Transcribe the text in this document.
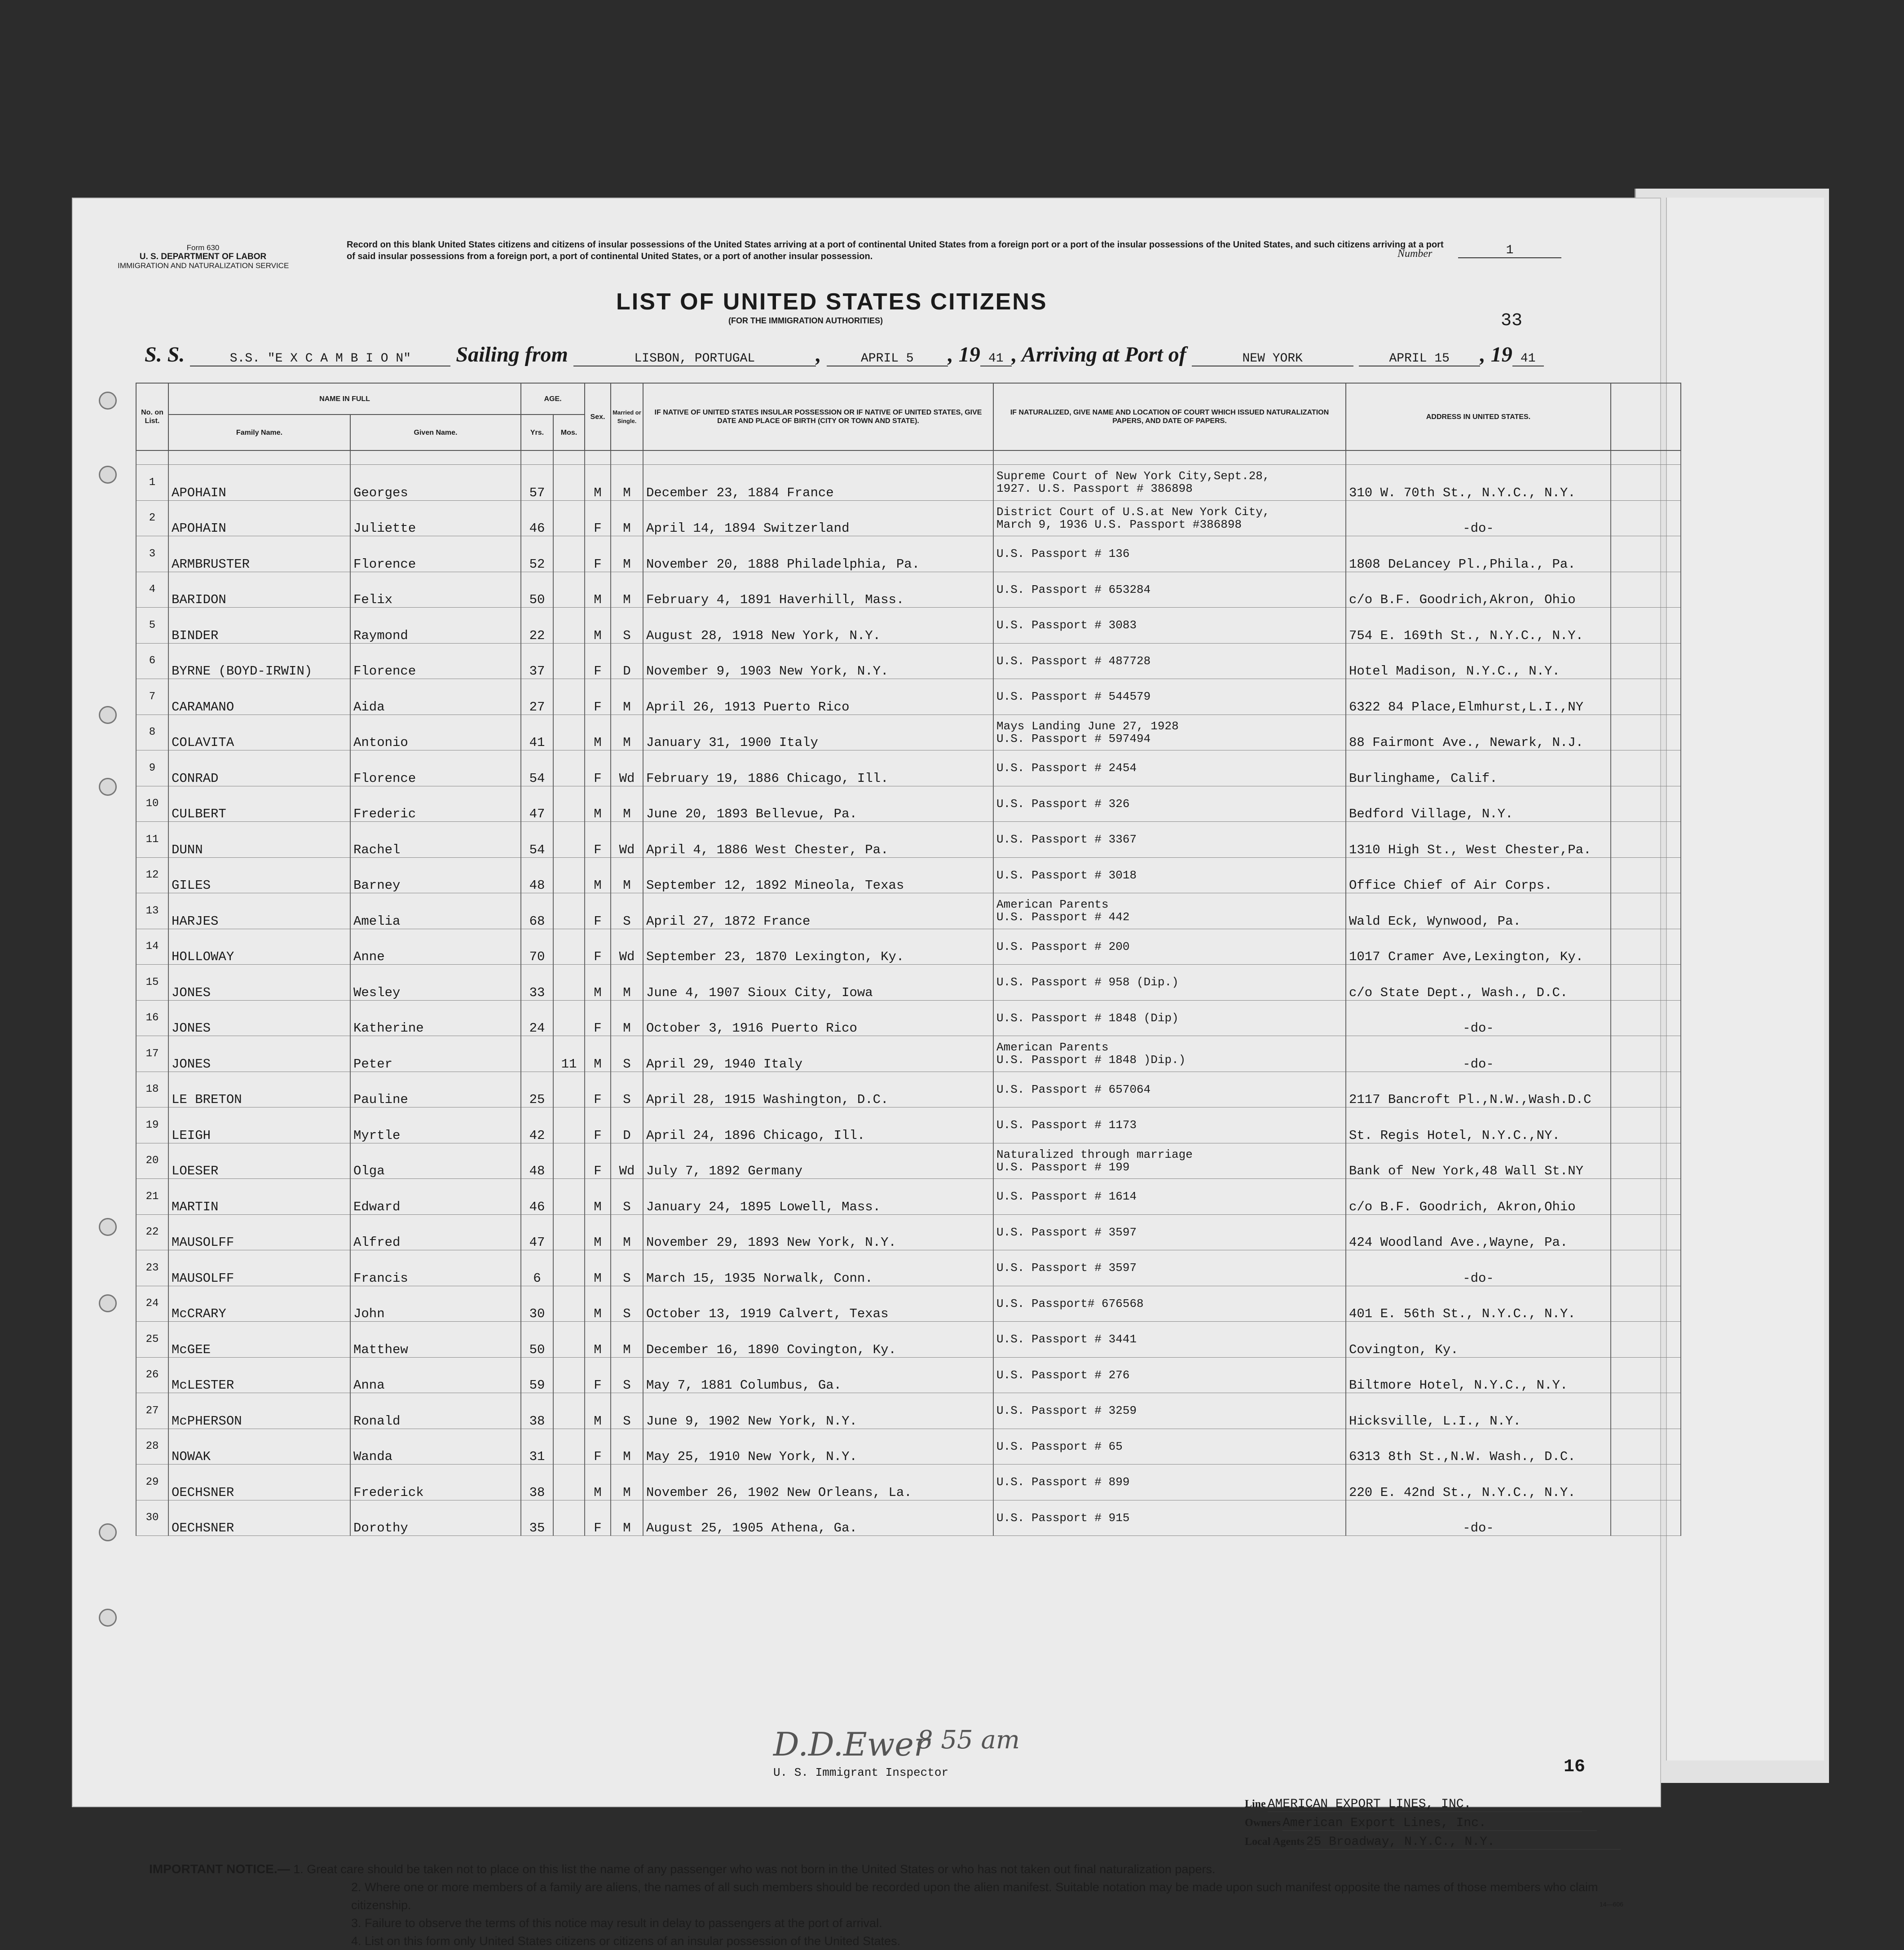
Form 630
U. S. DEPARTMENT OF LABOR
IMMIGRATION AND NATURALIZATION SERVICE
Record on this blank United States citizens and citizens of insular possessions of the United States arriving at a port of continental United States from a foreign port or a port of the insular possessions of the United States, and such citizens arriving at a port of said insular possessions from a foreign port, a port of continental United States, or a port of another insular possession.	Number	1
LIST OF UNITED STATES CITIZENS
(FOR THE IMMIGRATION AUTHORITIES)	33
S. S.	S.S. "E X C A M B I O N" Sailing from	LISBON, PORTUGAL	,	APRIL 5 , 19 41 , Arriving at Port of	NEW YORK	APRIL 15 , 19 41
No. on List.	NAME IN FULL		AGE.		Sex.	Married or Single.	IF NATIVE OF UNITED STATES INSULAR POSSESSION OR IF NATIVE OF UNITED STATES, GIVE DATE AND PLACE OF BIRTH (CITY OR TOWN AND STATE).	IF NATURALIZED, GIVE NAME AND LOCATION OF COURT WHICH ISSUED NATURALIZATION PAPERS, AND DATE OF PAPERS.	ADDRESS IN UNITED STATES.	
	Family Name.	Given Name.	Yrs.	Mos.						

1	APOHAIN	Georges	57		M	M	December 23, 1884 France	Supreme Court of New York City,Sept.28,
1927. U.S. Passport # 386898	310 W. 70th St., N.Y.C., N.Y.	
2	APOHAIN	Juliette	46		F	M	April 14, 1894 Switzerland	District Court of U.S.at New York City,
March 9, 1936 U.S. Passport #386898	-do-	
3	ARMBRUSTER	Florence	52		F	M	November 20, 1888 Philadelphia, Pa.	U.S. Passport # 136	1808 DeLancey Pl.,Phila., Pa.	
4	BARIDON	Felix	50		M	M	February 4, 1891 Haverhill, Mass.	U.S. Passport # 653284	c/o B.F. Goodrich,Akron, Ohio	
5	BINDER	Raymond	22		M	S	August 28, 1918 New York, N.Y.	U.S. Passport # 3083	754 E. 169th St., N.Y.C., N.Y.	
6	BYRNE (BOYD-IRWIN)	Florence	37		F	D	November 9, 1903 New York, N.Y.	U.S. Passport # 487728	Hotel Madison, N.Y.C., N.Y.	
7	CARAMANO	Aida	27		F	M	April 26, 1913 Puerto Rico	U.S. Passport # 544579	6322 84 Place,Elmhurst,L.I.,NY	
8	COLAVITA	Antonio	41		M	M	January 31, 1900 Italy	Mays Landing June 27, 1928
U.S. Passport # 597494	88 Fairmont Ave., Newark, N.J.	
9	CONRAD	Florence	54		F	Wd	February 19, 1886 Chicago, Ill.	U.S. Passport # 2454	Burlinghame, Calif.	
10	CULBERT	Frederic	47		M	M	June 20, 1893 Bellevue, Pa.	U.S. Passport # 326	Bedford Village, N.Y.	
11	DUNN	Rachel	54		F	Wd	April 4, 1886 West Chester, Pa.	U.S. Passport # 3367	1310 High St., West Chester,Pa.	
12	GILES	Barney	48		M	M	September 12, 1892 Mineola, Texas	U.S. Passport # 3018	Office Chief of Air Corps.	
13	HARJES	Amelia	68		F	S	April 27, 1872 France	American Parents
U.S. Passport # 442	Wald Eck, Wynwood, Pa.	
14	HOLLOWAY	Anne	70		F	Wd	September 23, 1870 Lexington, Ky.	U.S. Passport # 200	1017 Cramer Ave,Lexington, Ky.	
15	JONES	Wesley	33		M	M	June 4, 1907 Sioux City, Iowa	U.S. Passport # 958 (Dip.)	c/o State Dept., Wash., D.C.	
16	JONES	Katherine	24		F	M	October 3, 1916 Puerto Rico	U.S. Passport # 1848 (Dip)	-do-	
17	JONES	Peter		11	M	S	April 29, 1940 Italy	American Parents
U.S. Passport # 1848 )Dip.)	-do-	
18	LE BRETON	Pauline	25		F	S	April 28, 1915 Washington, D.C.	U.S. Passport # 657064	2117 Bancroft Pl.,N.W.,Wash.D.C	
19	LEIGH	Myrtle	42		F	D	April 24, 1896 Chicago, Ill.	U.S. Passport # 1173	St. Regis Hotel, N.Y.C.,NY.	
20	LOESER	Olga	48		F	Wd	July 7, 1892 Germany	Naturalized through marriage
U.S. Passport # 199	Bank of New York,48 Wall St.NY	
21	MARTIN	Edward	46		M	S	January 24, 1895 Lowell, Mass.	U.S. Passport # 1614	c/o B.F. Goodrich, Akron,Ohio	
22	MAUSOLFF	Alfred	47		M	M	November 29, 1893 New York, N.Y.	U.S. Passport # 3597	424 Woodland Ave.,Wayne, Pa.	
23	MAUSOLFF	Francis	6		M	S	March 15, 1935 Norwalk, Conn.	U.S. Passport # 3597	-do-	
24	McCRARY	John	30		M	S	October 13, 1919 Calvert, Texas	U.S. Passport# 676568	401 E. 56th St., N.Y.C., N.Y.	
25	McGEE	Matthew	50		M	M	December 16, 1890 Covington, Ky.	U.S. Passport # 3441	Covington, Ky.	
26	McLESTER	Anna	59		F	S	May 7, 1881 Columbus, Ga.	U.S. Passport # 276	Biltmore Hotel, N.Y.C., N.Y.	
27	McPHERSON	Ronald	38		M	S	June 9, 1902 New York, N.Y.	U.S. Passport # 3259	Hicksville, L.I., N.Y.	
28	NOWAK	Wanda	31		F	M	May 25, 1910 New York, N.Y.	U.S. Passport # 65	6313 8th St.,N.W. Wash., D.C.	
29	OECHSNER	Frederick	38		M	M	November 26, 1902 New Orleans, La.	U.S. Passport # 899	220 E. 42nd St., N.Y.C., N.Y.	
30	OECHSNER	Dorothy	35		F	M	August 25, 1905 Athena, Ga.	U.S. Passport # 915	-do-	
D.D.Ewer
8 55 am
U. S. Immigrant Inspector	16
Line AMERICAN EXPORT LINES, INC.
Owners American Export Lines, Inc.
Local Agents 25 Broadway, N.Y.C., N.Y.
IMPORTANT NOTICE.— 1. Great care should be taken not to place on this list the name of any passenger who was not born in the United States or who has not taken out final naturalization papers.
2. Where one or more members of a family are aliens, the names of all such members should be recorded upon the alien manifest. Suitable notation may be made upon such manifest opposite the names of those members who claim citizenship.
3. Failure to observe the terms of this notice may result in delay to passengers at the port of arrival.
4. List on this form only United States citizens or citizens of an insular possession of the United States.
14—606
